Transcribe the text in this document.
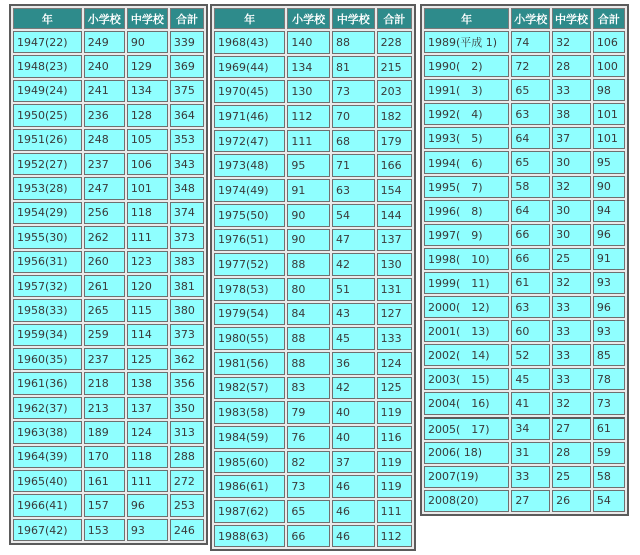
年	小学校	中学校	合計
1947(22)	249	90	339
1948(23)	240	129	369
1949(24)	241	134	375
1950(25)	236	128	364
1951(26)	248	105	353
1952(27)	237	106	343
1953(28)	247	101	348
1954(29)	256	118	374
1955(30)	262	111	373
1956(31)	260	123	383
1957(32)	261	120	381
1958(33)	265	115	380
1959(34)	259	114	373
1960(35)	237	125	362
1961(36)	218	138	356
1962(37)	213	137	350
1963(38)	189	124	313
1964(39)	170	118	288
1965(40)	161	111	272
1966(41)	157	96	253
1967(42)	153	93	246
年	小学校	中学校	合計
1968(43)	140	88	228
1969(44)	134	81	215
1970(45)	130	73	203
1971(46)	112	70	182
1972(47)	111	68	179
1973(48)	95	71	166
1974(49)	91	63	154
1975(50)	90	54	144
1976(51)	90	47	137
1977(52)	88	42	130
1978(53)	80	51	131
1979(54)	84	43	127
1980(55)	88	45	133
1981(56)	88	36	124
1982(57)	83	42	125
1983(58)	79	40	119
1984(59)	76	40	116
1985(60)	82	37	119
1986(61)	73	46	119
1987(62)	65	46	111
1988(63)	66	46	112
年	小学校	中学校	合計
1989(平成 1)	74	32	106
1990(　2)	72	28	100
1991(　3)	65	33	98
1992(　4)	63	38	101
1993(　5)	64	37	101
1994(　6)	65	30	95
1995(　7)	58	32	90
1996(　8)	64	30	94
1997(　9)	66	30	96
1998(　10)	66	25	91
1999(　11)	61	32	93
2000(　12)	63	33	96
2001(　13)	60	33	93
2002(　14)	52	33	85
2003(　15)	45	33	78
2004(　16)	41	32	73
2005(　17)	34	27	61
2006( 18)	31	28	59
2007(19)	33	25	58
2008(20)	27	26	54
